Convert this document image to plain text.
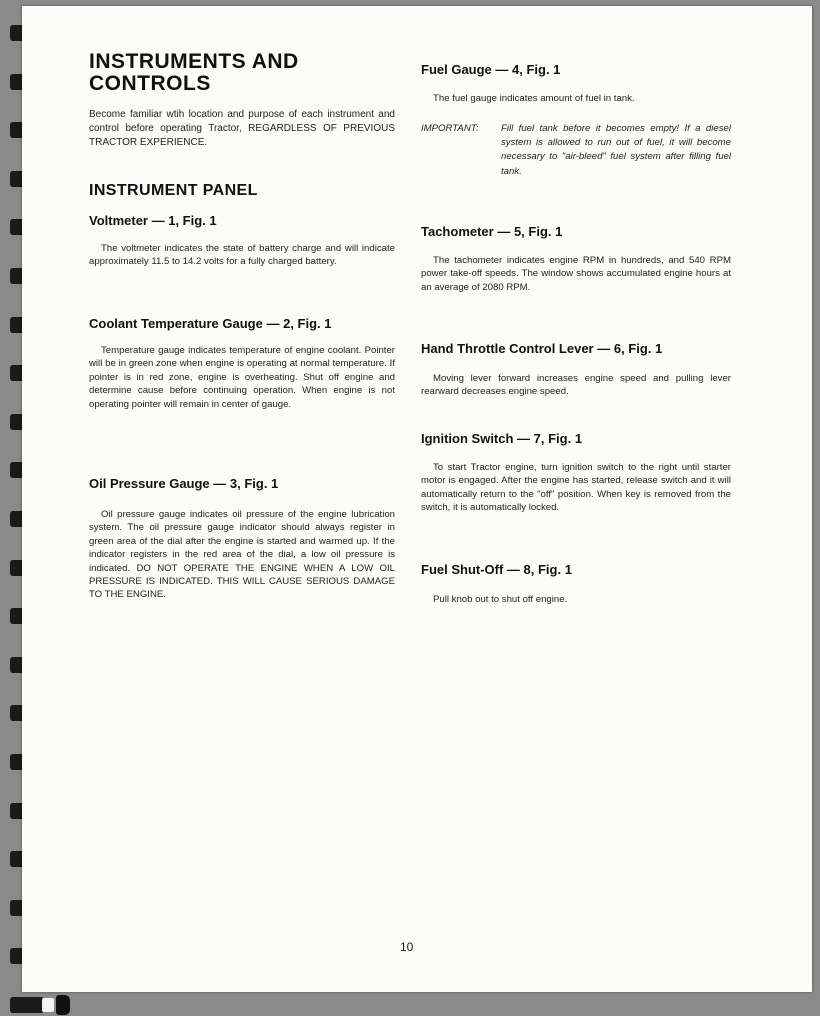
INSTRUMENTS AND
CONTROLS

Become familiar wtih location and purpose of each instrument and control before operating Tractor, REGARDLESS OF PREVIOUS TRACTOR EXPERIENCE.

INSTRUMENT PANEL
Voltmeter — 1, Fig. 1

The voltmeter indicates the state of battery charge and will indicate approximately 11.5 to 14.2 volts for a fully charged battery.

Coolant Temperature Gauge — 2, Fig. 1

Temperature gauge indicates temperature of engine coolant. Pointer will be in green zone when engine is operating at normal temperature. If pointer is in red zone, engine is overheating. Shut off engine and determine cause before continuing operation. When engine is not operating pointer will remain in center of gauge.

Oil Pressure Gauge — 3, Fig. 1

Oil pressure gauge indicates oil pressure of the engine lubrication system. The oil pressure gauge indicator should always register in green area of the dial after the engine is started and warmed up. If the indicator registers in the red area of the dial, a low oil pressure is indicated. DO NOT OPERATE THE ENGINE WHEN A LOW OIL PRESSURE IS INDICATED. THIS WILL CAUSE SERIOUS DAMAGE TO THE ENGINE.

Fuel Gauge — 4, Fig. 1

The fuel gauge indicates amount of fuel in tank.

IMPORTANT: Fill fuel tank before it becomes empty! If a diesel system is allowed to run out of fuel, it will become necessary to "air-bleed" fuel system after filling fuel tank.
Tachometer — 5, Fig. 1

The tachometer indicates engine RPM in hundreds, and 540 RPM power take-off speeds. The window shows accumulated engine hours at an average of 2080 RPM.

Hand Throttle Control Lever — 6, Fig. 1

Moving lever forward increases engine speed and pulling lever rearward decreases engine speed.

Ignition Switch — 7, Fig. 1

To start Tractor engine, turn ignition switch to the right until starter motor is engaged. After the engine has started, release switch and it will automatically return to the "off" position. When key is removed from the switch, it is automatically locked.

Fuel Shut-Off — 8, Fig. 1

Pull knob out to shut off engine.

10
